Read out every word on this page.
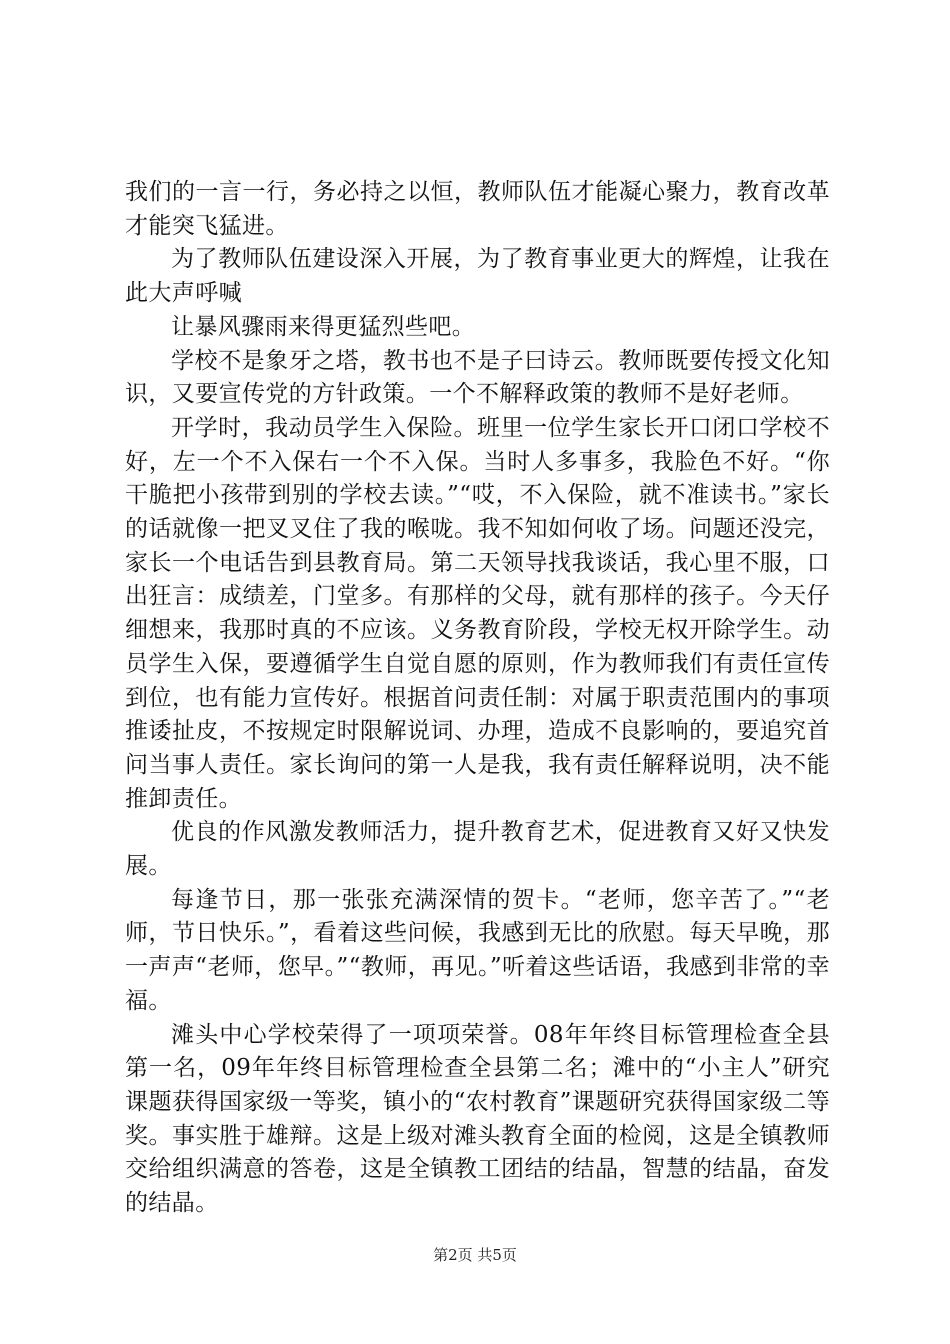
我们的一言一行，务必持之以恒，教师队伍才能凝心聚力，教育改革才能突飞猛进。

为了教师队伍建设深入开展，为了教育事业更大的辉煌，让我在此大声呼喊

让暴风骤雨来得更猛烈些吧。

学校不是象牙之塔，教书也不是子曰诗云。教师既要传授文化知识，又要宣传党的方针政策。一个不解释政策的教师不是好老师。

开学时，我动员学生入保险。班里一位学生家长开口闭口学校不好，左一个不入保右一个不入保。当时人多事多，我脸色不好。“你干脆把小孩带到别的学校去读。”“哎，不入保险，就不准读书。”家长的话就像一把叉叉住了我的喉咙。我不知如何收了场。问题还没完，家长一个电话告到县教育局。第二天领导找我谈话，我心里不服，口出狂言：成绩差，门堂多。有那样的父母，就有那样的孩子。今天仔细想来，我那时真的不应该。义务教育阶段，学校无权开除学生。动员学生入保，要遵循学生自觉自愿的原则，作为教师我们有责任宣传到位，也有能力宣传好。根据首问责任制：对属于职责范围内的事项推诿扯皮，不按规定时限解说词、办理，造成不良影响的，要追究首问当事人责任。家长询问的第一人是我，我有责任解释说明，决不能推卸责任。

优良的作风激发教师活力，提升教育艺术，促进教育又好又快发展。

每逢节日，那一张张充满深情的贺卡。“老师，您辛苦了。”“老师，节日快乐。”，看着这些问候，我感到无比的欣慰。每天早晚，那一声声“老师，您早。”“教师，再见。”听着这些话语，我感到非常的幸福。

滩头中心学校荣得了一项项荣誉。08年年终目标管理检查全县第一名，09年年终目标管理检查全县第二名；滩中的“小主人”研究课题获得国家级一等奖，镇小的“农村教育”课题研究获得国家级二等奖。事实胜于雄辩。这是上级对滩头教育全面的检阅，这是全镇教师交给组织满意的答卷，这是全镇教工团结的结晶，智慧的结晶，奋发的结晶。

第2页 共5页
